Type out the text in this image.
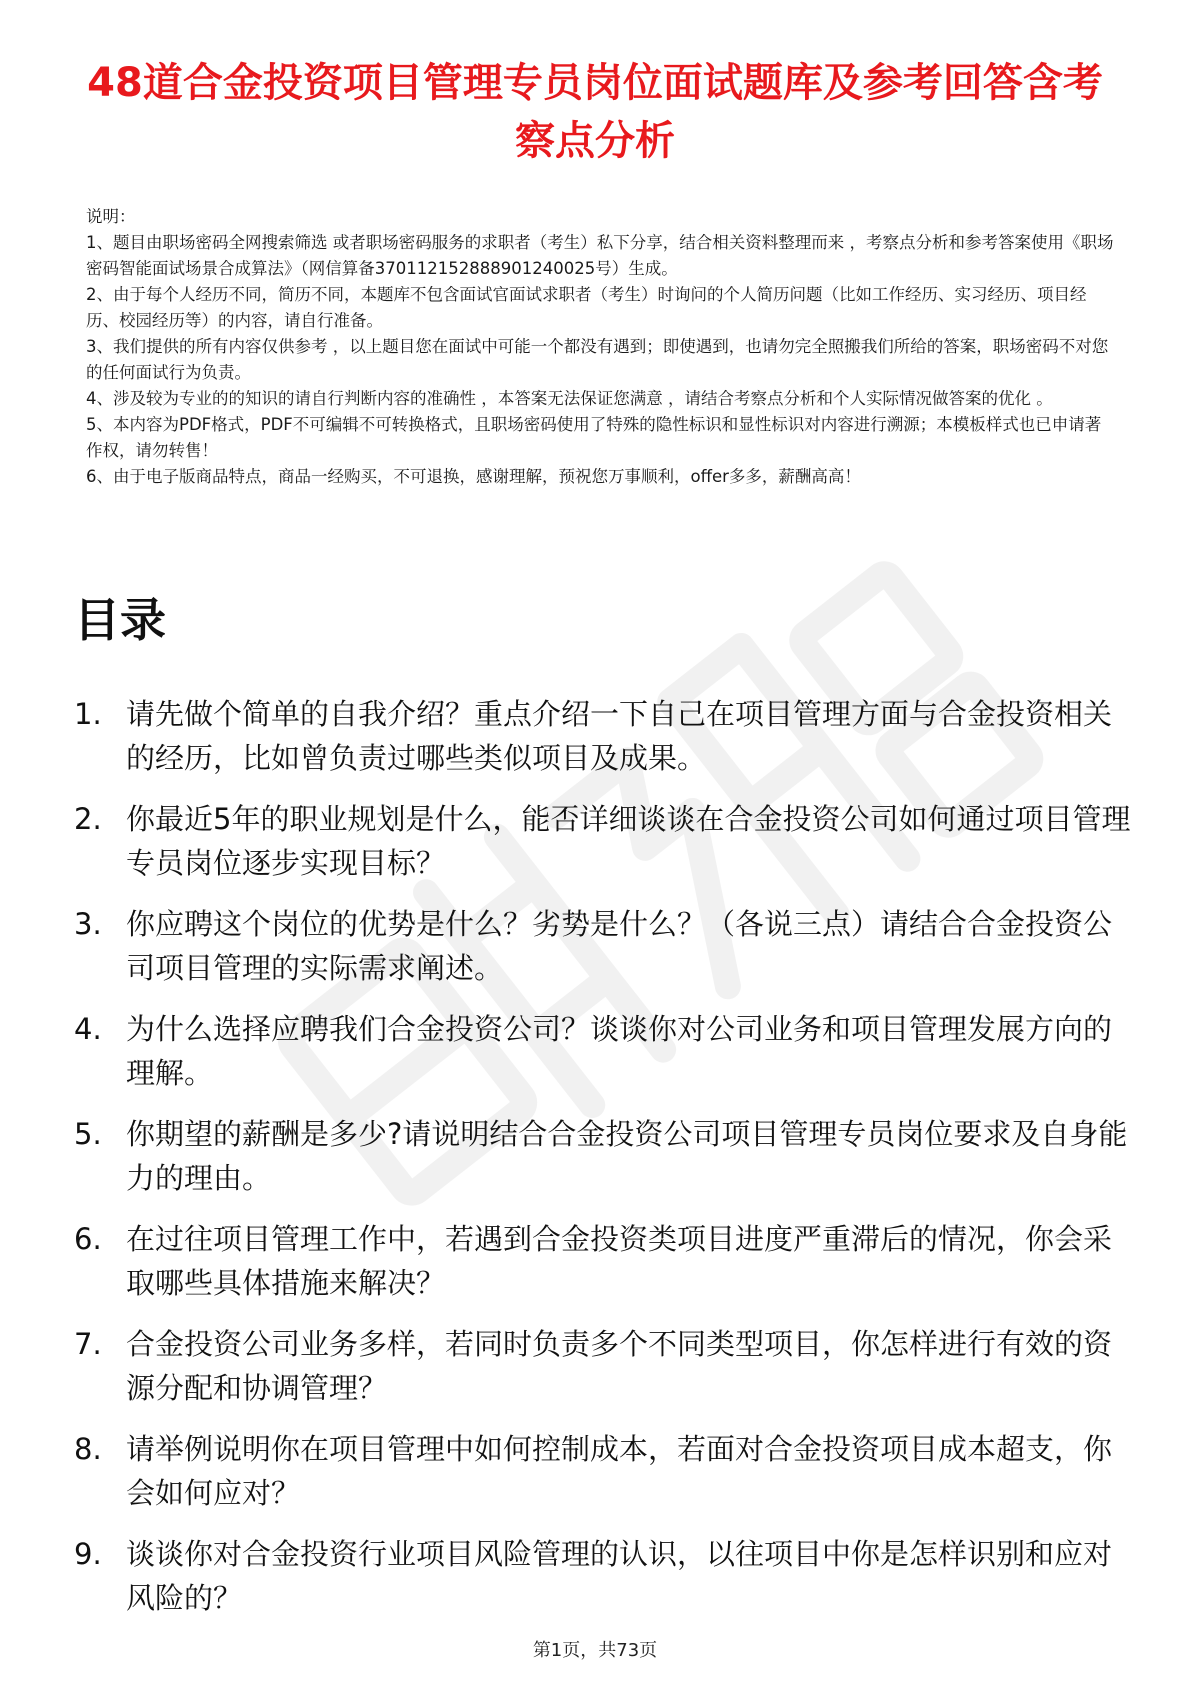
48道合金投资项目管理专员岗位面试题库及参考回答含考察点分析

说明：

1、题目由职场密码全网搜索筛选 或者职场密码服务的求职者（考生）私下分享，结合相关资料整理而来 ，考察点分析和参考答案使用《职场密码智能面试场景合成算法》（网信算备370112152888901240025号）生成。

2、由于每个人经历不同，简历不同，本题库不包含面试官面试求职者（考生）时询问的个人简历问题（比如工作经历、实习经历、项目经历、校园经历等）的内容，请自行准备。

3、我们提供的所有内容仅供参考 ，以上题目您在面试中可能一个都没有遇到；即使遇到，也请勿完全照搬我们所给的答案，职场密码不对您的任何面试行为负责。

4、涉及较为专业的的知识的请自行判断内容的准确性 ，本答案无法保证您满意 ，请结合考察点分析和个人实际情况做答案的优化 。

5、本内容为PDF格式，PDF不可编辑不可转换格式，且职场密码使用了特殊的隐性标识和显性标识对内容进行溯源；本模板样式也已申请著作权，请勿转售！

6、由于电子版商品特点，商品一经购买，不可退换，感谢理解，预祝您万事顺利，offer多多，薪酬高高！

目录
1. 请先做个简单的自我介绍？重点介绍一下自己在项目管理方面与合金投资相关的经历，比如曾负责过哪些类似项目及成果。
2. 你最近5年的职业规划是什么，能否详细谈谈在合金投资公司如何通过项目管理专员岗位逐步实现目标？
3. 你应聘这个岗位的优势是什么？劣势是什么？（各说三点）请结合合金投资公司项目管理的实际需求阐述。
4. 为什么选择应聘我们合金投资公司？谈谈你对公司业务和项目管理发展方向的理解。
5. 你期望的薪酬是多少?请说明结合合金投资公司项目管理专员岗位要求及自身能力的理由。
6. 在过往项目管理工作中，若遇到合金投资类项目进度严重滞后的情况，你会采取哪些具体措施来解决？
7. 合金投资公司业务多样，若同时负责多个不同类型项目，你怎样进行有效的资源分配和协调管理？
8. 请举例说明你在项目管理中如何控制成本，若面对合金投资项目成本超支，你会如何应对？
9. 谈谈你对合金投资行业项目风险管理的认识，以往项目中你是怎样识别和应对风险的？
第1页，共73页
